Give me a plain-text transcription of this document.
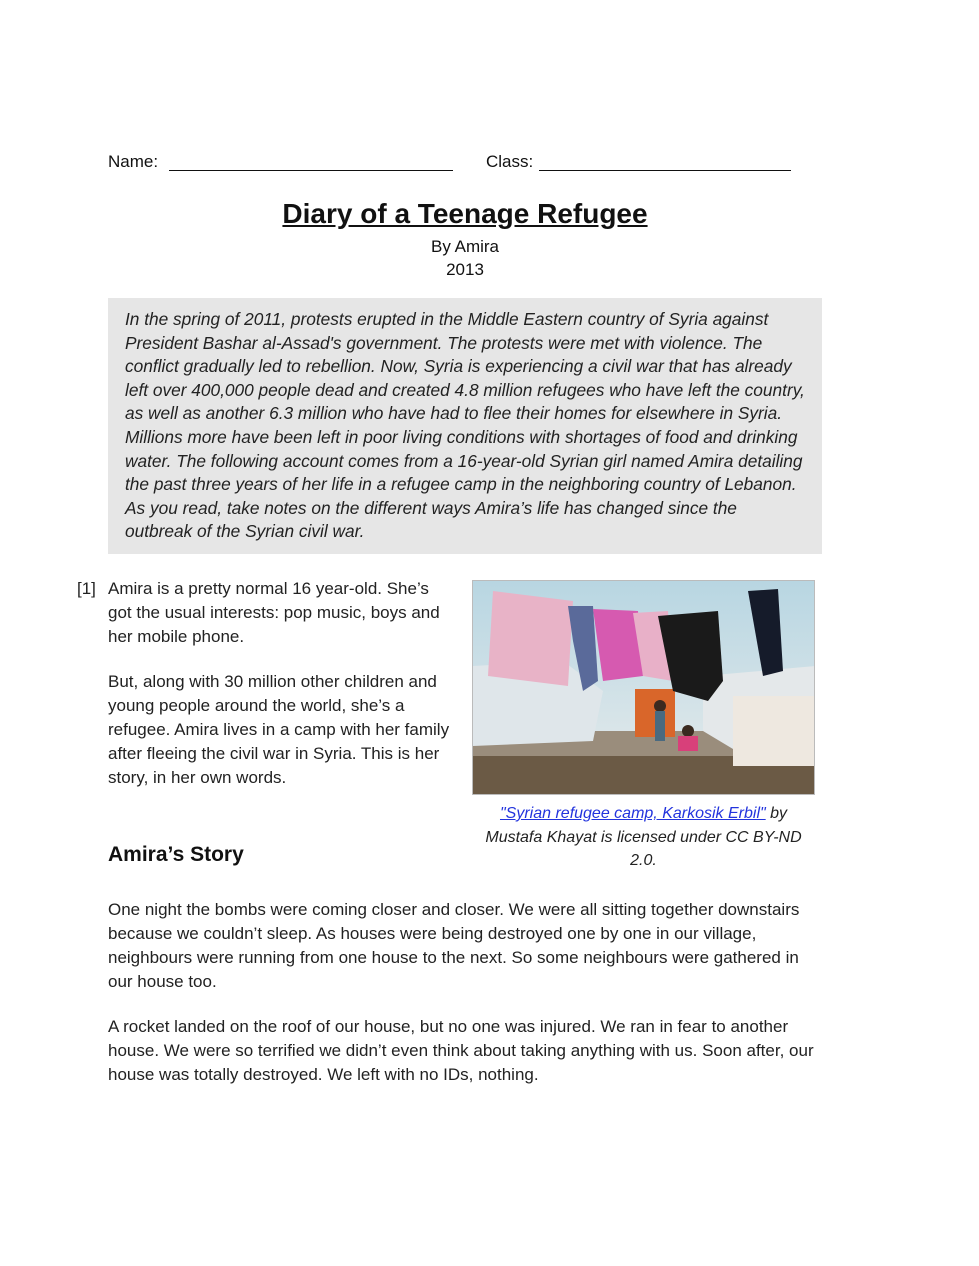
Name:	Class:
Diary of a Teenage Refugee
By Amira
2013
In the spring of 2011, protests erupted in the Middle Eastern country of Syria against President Bashar al-Assad's government. The protests were met with violence. The conflict gradually led to rebellion. Now, Syria is experiencing a civil war that has already left over 400,000 people dead and created 4.8 million refugees who have left the country, as well as another 6.3 million who have had to flee their homes for elsewhere in Syria. Millions more have been left in poor living conditions with shortages of food and drinking water. The following account comes from a 16-year-old Syrian girl named Amira detailing the past three years of her life in a refugee camp in the neighboring country of Lebanon. As you read, take notes on the different ways Amira’s life has changed since the outbreak of the Syrian civil war.
[1] Amira is a pretty normal 16 year-old. She’s got the usual interests: pop music, boys and her mobile phone.
But, along with 30 million other children and young people around the world, she’s a refugee. Amira lives in a camp with her family after fleeing the civil war in Syria. This is her story, in her own words.
"Syrian refugee camp, Karkosik Erbil" by Mustafa Khayat is licensed under CC BY-ND 2.0.
Amira’s Story
One night the bombs were coming closer and closer. We were all sitting together downstairs because we couldn’t sleep. As houses were being destroyed one by one in our village, neighbours were running from one house to the next. So some neighbours were gathered in our house too.
A rocket landed on the roof of our house, but no one was injured. We ran in fear to another house. We were so terrified we didn’t even think about taking anything with us. Soon after, our house was totally destroyed. We left with no IDs, nothing.
